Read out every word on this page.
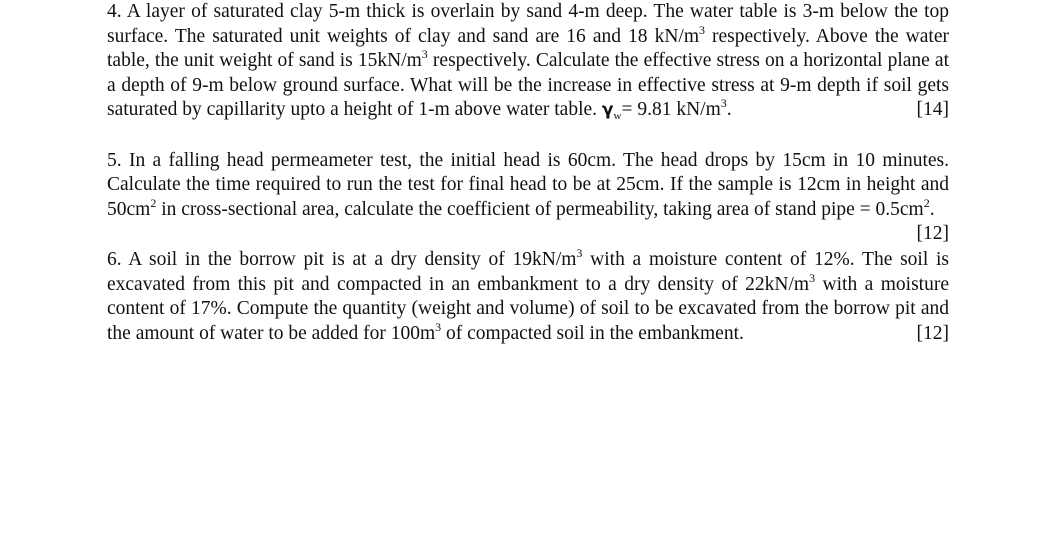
4. A layer of saturated clay 5-m thick is overlain by sand 4-m deep. The water table is 3-m below the top surface. The saturated unit weights of clay and sand are 16 and 18 $kN/m^3$ respectively. Above the water table, the unit weight of sand is $15kN/m^3$ respectively. Calculate the effective stress on a horizontal plane at a depth of 9-m below ground surface. What will be the increase in effective stress at 9-m depth if soil gets saturated by capillarity upto a height of 1-m above water table. $\gamma_w= 9.81$ $kN/m^3$.	[14]

5. In a falling head permeameter test, the initial head is 60cm. The head drops by 15cm in 10 minutes. Calculate the time required to run the test for final head to be at 25cm. If the sample is 12cm in height and $50cm^2$ in cross-sectional area, calculate the coefficient of permeability, taking area of stand pipe = $0.5cm^2$.
[12]

6. A soil in the borrow pit is at a dry density of $19kN/m^3$ with a moisture content of 12%. The soil is excavated from this pit and compacted in an embankment to a dry density of $22kN/m^3$ with a moisture content of 17%. Compute the quantity (weight and volume) of soil to be excavated from the borrow pit and the amount of water to be added for $100m^3$ of compacted soil in the embankment.	[12]
